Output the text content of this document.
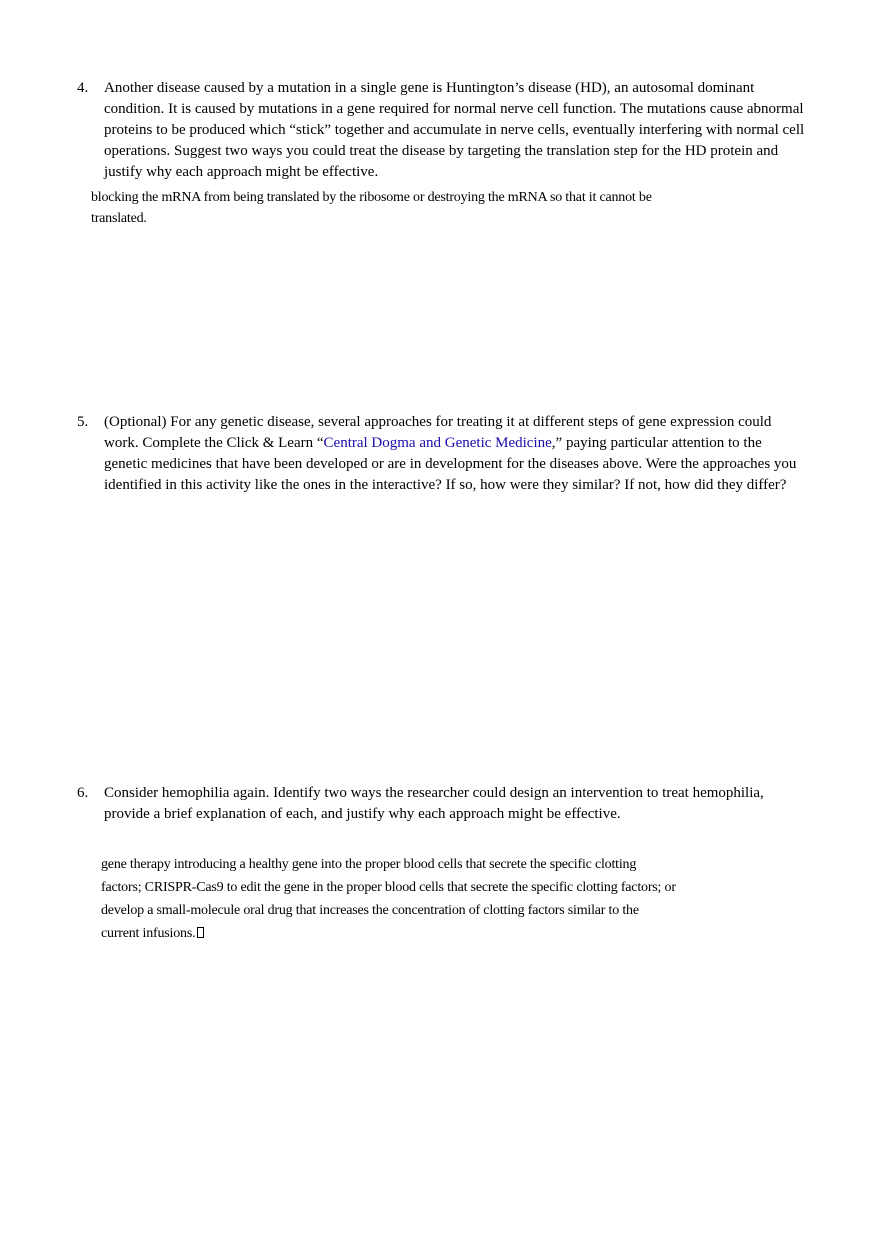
4. Another disease caused by a mutation in a single gene is Huntington’s disease (HD), an autosomal dominant condition. It is caused by mutations in a gene required for normal nerve cell function. The mutations cause abnormal proteins to be produced which “stick” together and accumulate in nerve cells, eventually interfering with normal cell operations. Suggest two ways you could treat the disease by targeting the translation step for the HD protein and justify why each approach might be effective.
blocking the mRNA from being translated by the ribosome or destroying the mRNA so that it cannot be
translated.
5. (Optional) For any genetic disease, several approaches for treating it at different steps of gene expression could work. Complete the Click & Learn “Central Dogma and Genetic Medicine,” paying particular attention to the genetic medicines that have been developed or are in development for the diseases above. Were the approaches you identified in this activity like the ones in the interactive? If so, how were they similar? If not, how did they differ?
6. Consider hemophilia again. Identify two ways the researcher could design an intervention to treat hemophilia, provide a brief explanation of each, and justify why each approach might be effective.
gene therapy introducing a healthy gene into the proper blood cells that secrete the specific clotting
factors; CRISPR-Cas9 to edit the gene in the proper blood cells that secrete the specific clotting factors; or
develop a small-molecule oral drug that increases the concentration of clotting factors similar to the
current infusions.
